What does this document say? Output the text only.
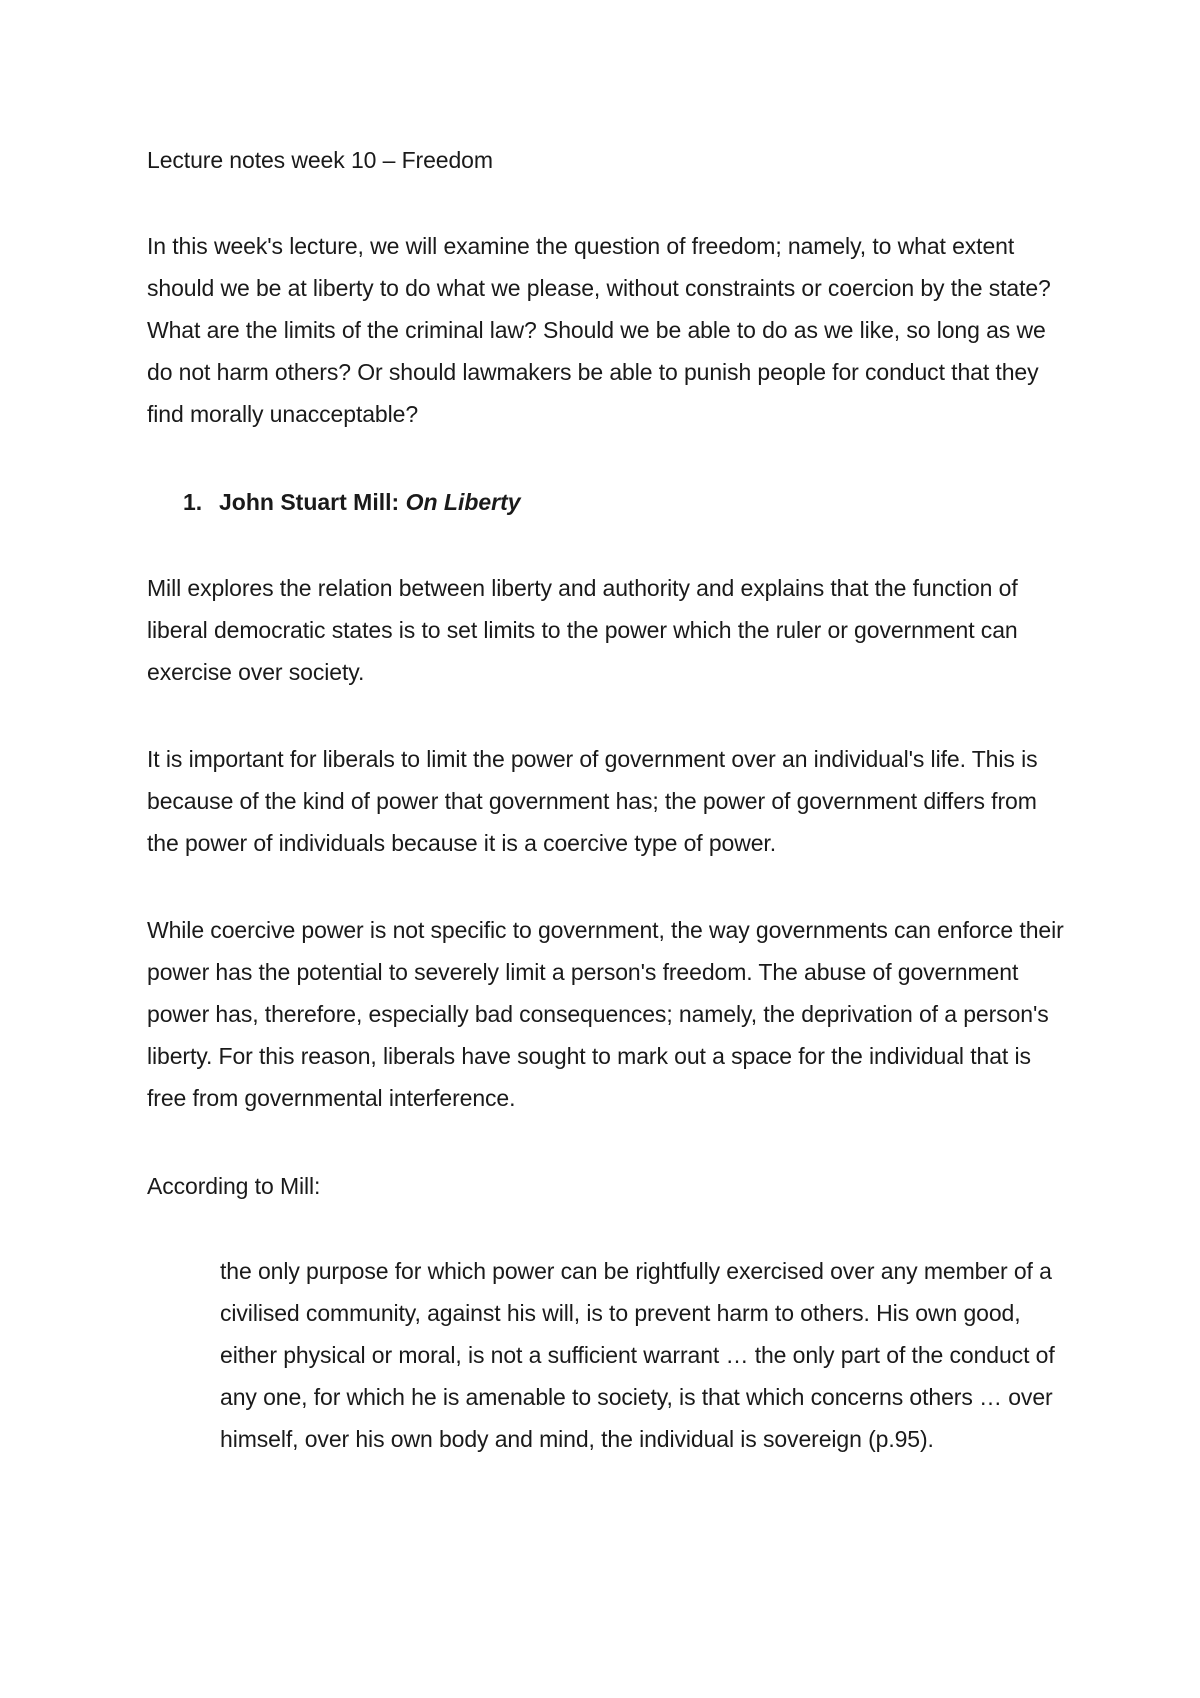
Lecture notes week 10 – Freedom

In this week's lecture, we will examine the question of freedom; namely, to what extent should we be at liberty to do what we please, without constraints or coercion by the state? What are the limits of the criminal law? Should we be able to do as we like, so long as we do not harm others? Or should lawmakers be able to punish people for conduct that they find morally unacceptable?

1. John Stuart Mill: On Liberty

Mill explores the relation between liberty and authority and explains that the function of liberal democratic states is to set limits to the power which the ruler or government can exercise over society.

It is important for liberals to limit the power of government over an individual's life. This is because of the kind of power that government has; the power of government differs from the power of individuals because it is a coercive type of power.

While coercive power is not specific to government, the way governments can enforce their power has the potential to severely limit a person's freedom. The abuse of government power has, therefore, especially bad consequences; namely, the deprivation of a person's liberty. For this reason, liberals have sought to mark out a space for the individual that is free from governmental interference.

According to Mill:

the only purpose for which power can be rightfully exercised over any member of a civilised community, against his will, is to prevent harm to others. His own good, either physical or moral, is not a sufficient warrant … the only part of the conduct of any one, for which he is amenable to society, is that which concerns others … over himself, over his own body and mind, the individual is sovereign (p.95).
